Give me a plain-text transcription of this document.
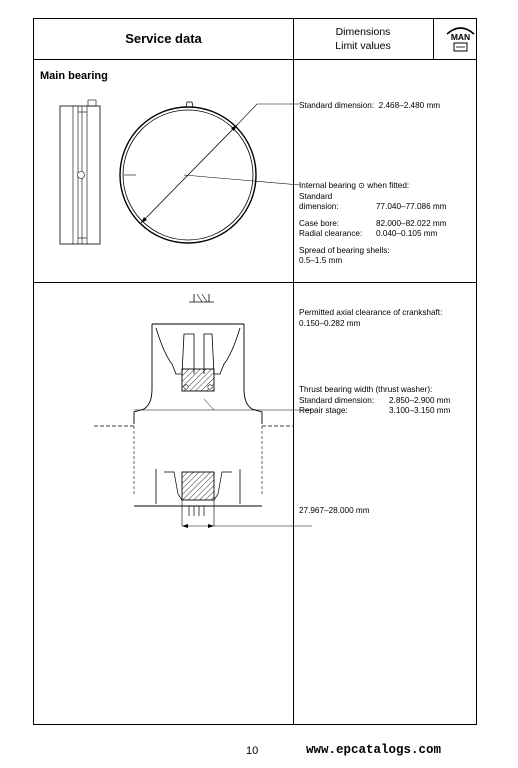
Service data	Dimensions
Limit values
MAN
Main bearing
Standard dimension: 2.468–2.480 mm
Internal bearing ⊙ when fitted:
Standard
dimension:	77.040–77.086 mm
Case bore:	82.000–82.022 mm
Radial clearance:	0.040–0.105 mm
Spread of bearing shells:
0.5–1.5 mm
Permitted axial clearance of crankshaft:
0.150–0.282 mm
Thrust bearing width (thrust washer):
Standard dimension:	2.850–2.900 mm
Repair stage:	3.100–3.150 mm
27.967–28.000 mm
10	www.epcatalogs.com
